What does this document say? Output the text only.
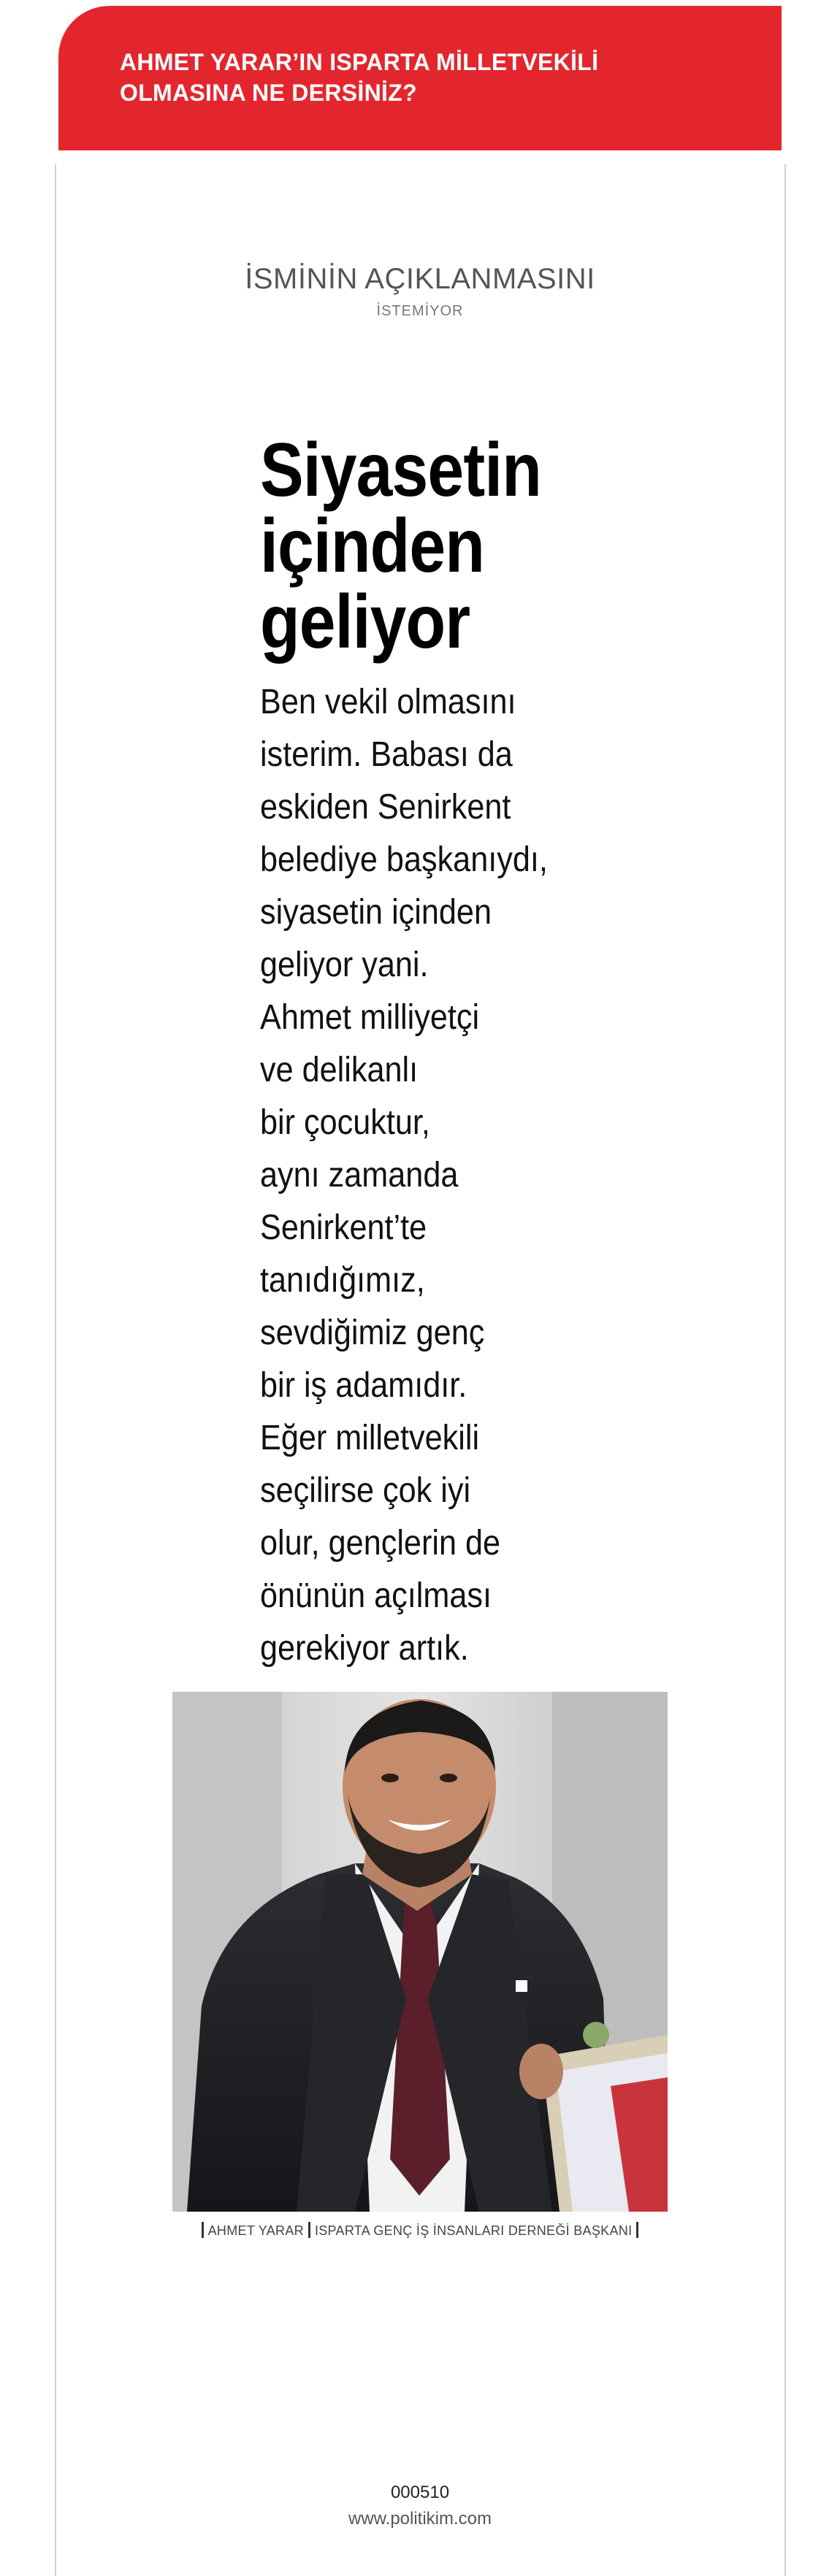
AHMET YARAR’IN ISPARTA MİLLETVEKİLİ
OLMASINA NE DERSİNİZ?
İSMİNİN AÇIKLANMASINI
İSTEMİYOR
Siyasetin içinden geliyor

Ben vekil olmasını
isterim. Babası da
eskiden Senirkent
belediye başkanıydı,
siyasetin içinden
geliyor yani.
Ahmet milliyetçi
ve delikanlı
bir çocuktur,
aynı zamanda
Senirkent’te
tanıdığımız,
sevdiğimiz genç
bir iş adamıdır.
Eğer milletvekili
seçilirse çok iyi
olur, gençlerin de
önünün açılması
gerekiyor artık.

AHMET YARAR ISPARTA GENÇ İŞ İNSANLARI DERNEĞİ BAŞKANI
000510
www.politikim.com
